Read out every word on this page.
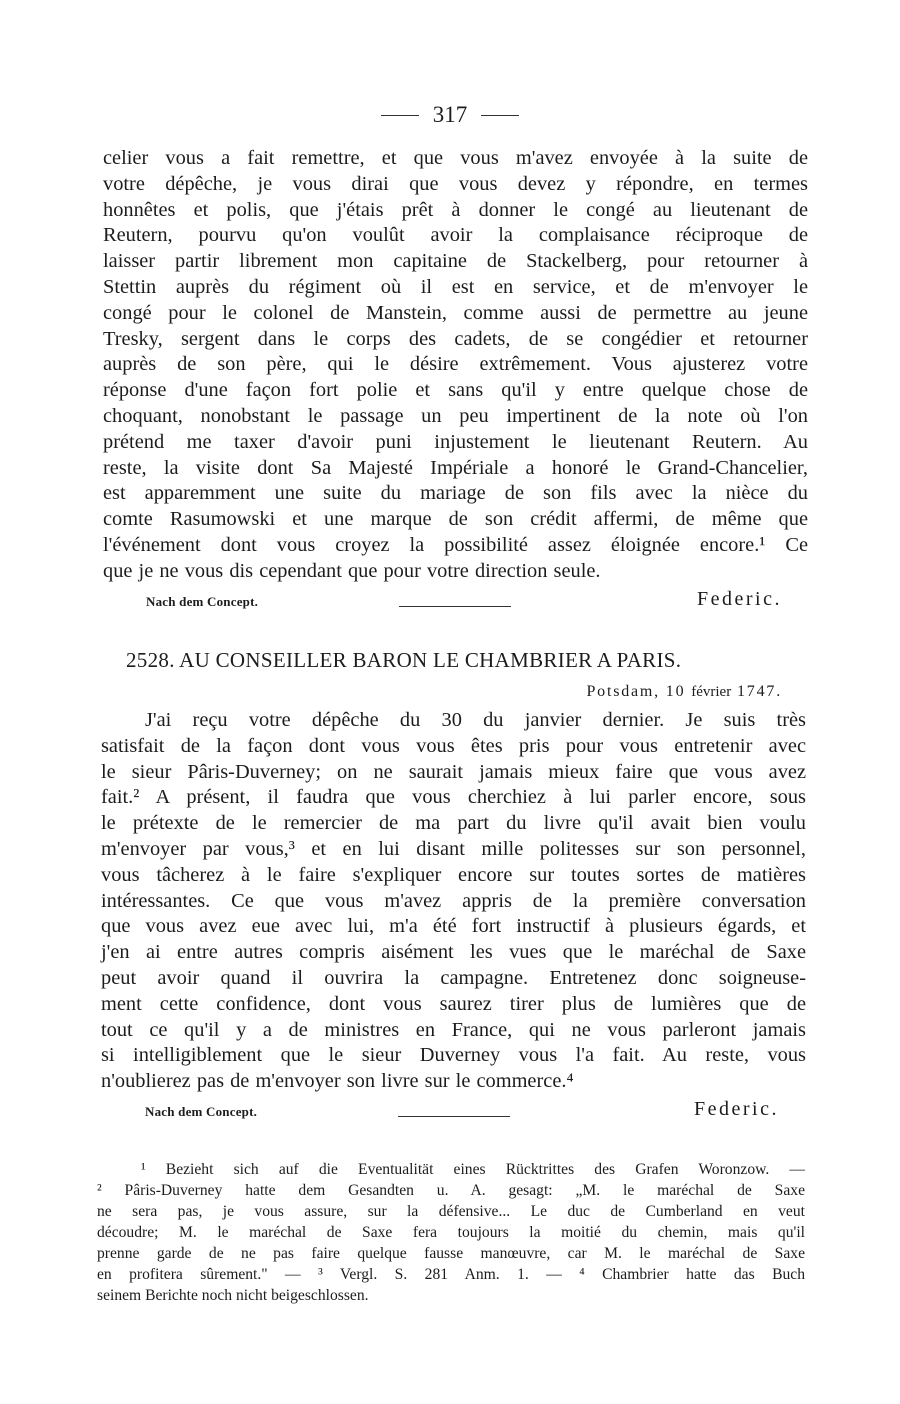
317
celier vous a fait remettre, et que vous m'avez envoyée à la suite de
votre dépêche, je vous dirai que vous devez y répondre, en termes
honnêtes et polis, que j'étais prêt à donner le congé au lieutenant de
Reutern, pourvu qu'on voulût avoir la complaisance réciproque de
laisser partir librement mon capitaine de Stackelberg, pour retourner à
Stettin auprès du régiment où il est en service, et de m'envoyer le
congé pour le colonel de Manstein, comme aussi de permettre au jeune
Tresky, sergent dans le corps des cadets, de se congédier et retourner
auprès de son père, qui le désire extrêmement. Vous ajusterez votre
réponse d'une façon fort polie et sans qu'il y entre quelque chose de
choquant, nonobstant le passage un peu impertinent de la note où l'on
prétend me taxer d'avoir puni injustement le lieutenant Reutern. Au
reste, la visite dont Sa Majesté Impériale a honoré le Grand-Chancelier,
est apparemment une suite du mariage de son fils avec la nièce du
comte Rasumowski et une marque de son crédit affermi, de même que
l'événement dont vous croyez la possibilité assez éloignée encore.¹ Ce
que je ne vous dis cependant que pour votre direction seule.
Nach dem Concept.	Federic.
2528. AU CONSEILLER BARON LE CHAMBRIER A PARIS.
Potsdam, 10 février 1747.
J'ai reçu votre dépêche du 30 du janvier dernier. Je suis très
satisfait de la façon dont vous vous êtes pris pour vous entretenir avec
le sieur Pâris-Duverney; on ne saurait jamais mieux faire que vous avez
fait.² A présent, il faudra que vous cherchiez à lui parler encore, sous
le prétexte de le remercier de ma part du livre qu'il avait bien voulu
m'envoyer par vous,³ et en lui disant mille politesses sur son personnel,
vous tâcherez à le faire s'expliquer encore sur toutes sortes de matières
intéressantes. Ce que vous m'avez appris de la première conversation
que vous avez eue avec lui, m'a été fort instructif à plusieurs égards, et
j'en ai entre autres compris aisément les vues que le maréchal de Saxe
peut avoir quand il ouvrira la campagne. Entretenez donc soigneuse-
ment cette confidence, dont vous saurez tirer plus de lumières que de
tout ce qu'il y a de ministres en France, qui ne vous parleront jamais
si intelligiblement que le sieur Duverney vous l'a fait. Au reste, vous
n'oublierez pas de m'envoyer son livre sur le commerce.⁴
Nach dem Concept.	Federic.
¹ Bezieht sich auf die Eventualität eines Rücktrittes des Grafen Woronzow. —
² Pâris-Duverney hatte dem Gesandten u. A. gesagt: „M. le maréchal de Saxe
ne sera pas, je vous assure, sur la défensive... Le duc de Cumberland en veut
découdre; M. le maréchal de Saxe fera toujours la moitié du chemin, mais qu'il
prenne garde de ne pas faire quelque fausse manœuvre, car M. le maréchal de Saxe
en profitera sûrement." — ³ Vergl. S. 281 Anm. 1. — ⁴ Chambrier hatte das Buch
seinem Berichte noch nicht beigeschlossen.
